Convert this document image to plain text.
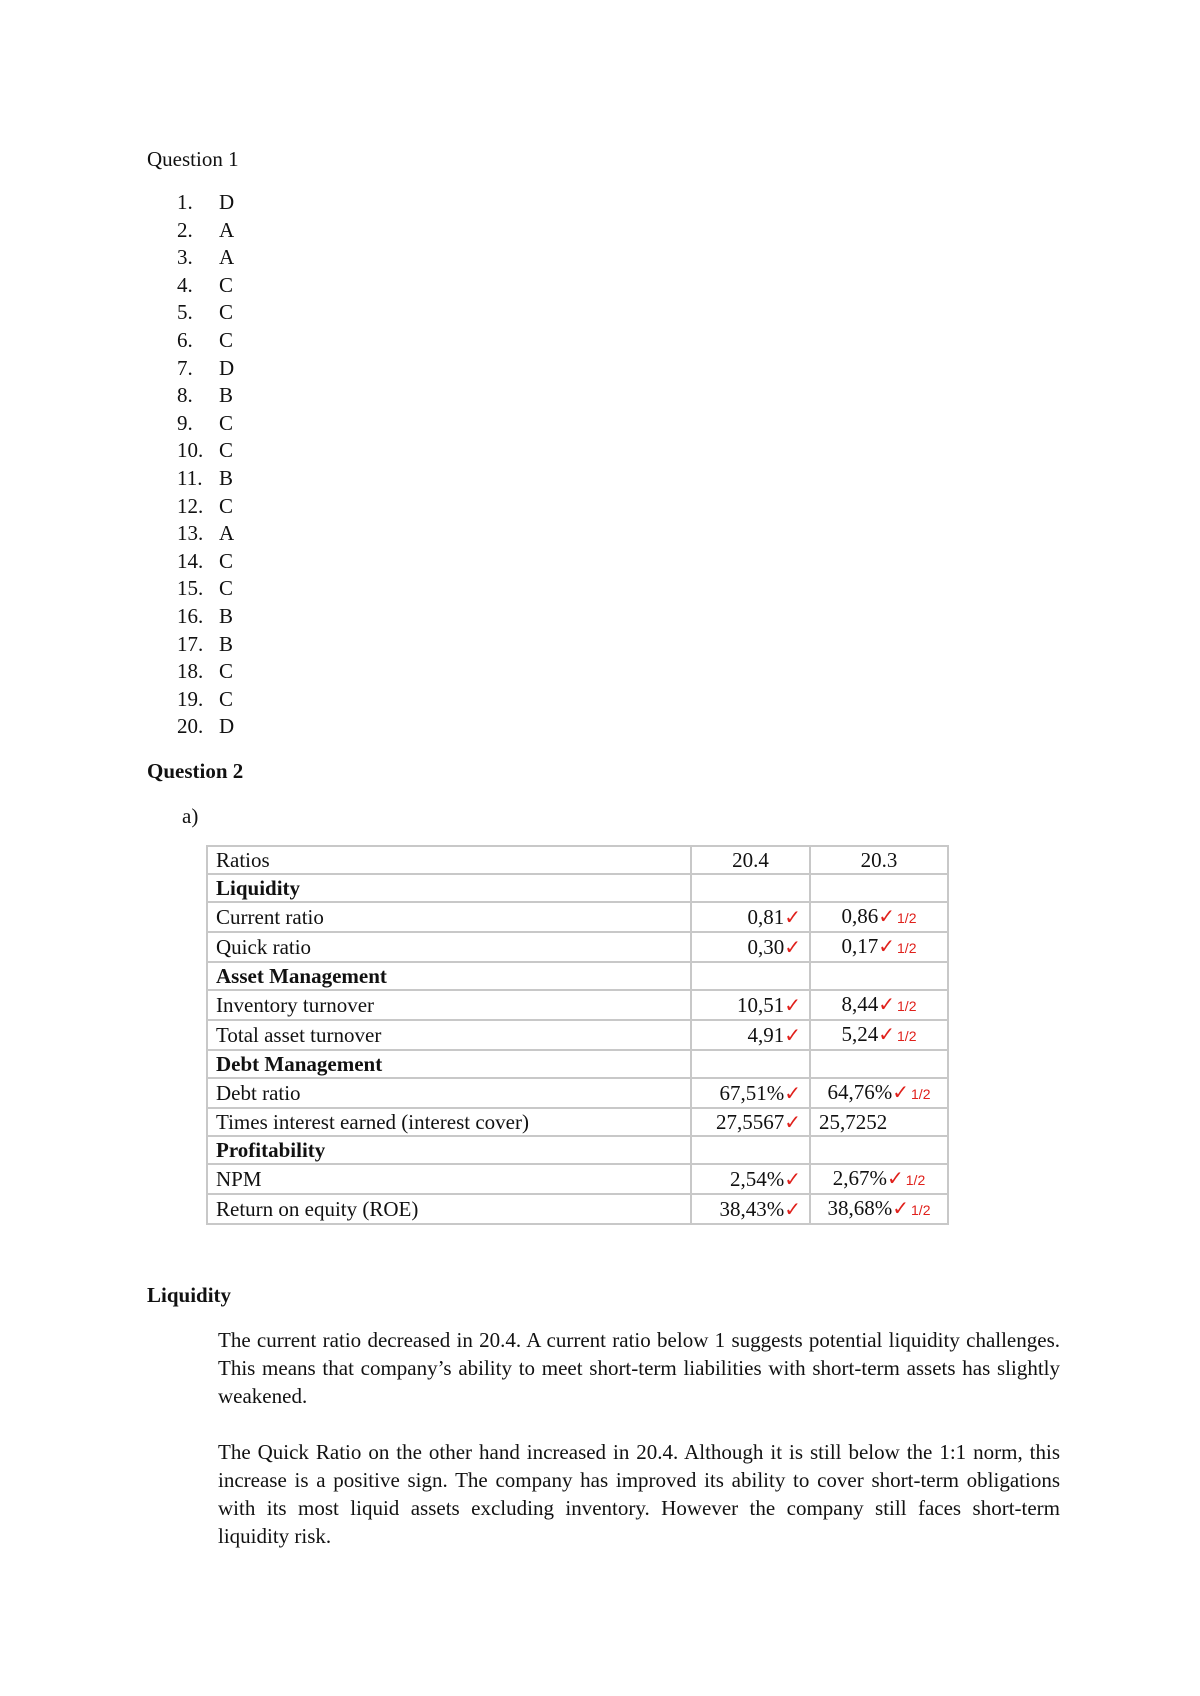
Question 1
1. D
2. A
3. A
4. C
5. C
6. C
7. D
8. B
9. C
10. C
11. B
12. C
13. A
14. C
15. C
16. B
17. B
18. C
19. C
20. D
Question 2
a)
Ratios	20.4	20.3
Liquidity		
Current ratio	0,81✓	0,86✓ 1/2
Quick ratio	0,30✓	0,17✓ 1/2
Asset Management		
Inventory turnover	10,51✓	8,44✓ 1/2
Total asset turnover	4,91✓	5,24✓ 1/2
Debt Management		
Debt ratio	67,51%✓	64,76%✓ 1/2
Times interest earned (interest cover)	27,5567✓	25,7252
Profitability		
NPM	2,54%✓	2,67%✓ 1/2
Return on equity (ROE)	38,43%✓	38,68%✓ 1/2
Liquidity

The current ratio decreased in 20.4. A current ratio below 1 suggests potential liquidity challenges. This means that company’s ability to meet short-term liabilities with short-term assets has slightly weakened.

The Quick Ratio on the other hand increased in 20.4. Although it is still below the 1:1 norm, this increase is a positive sign. The company has improved its ability to cover short-term obligations with its most liquid assets excluding inventory. However the company still faces short-term liquidity risk.
